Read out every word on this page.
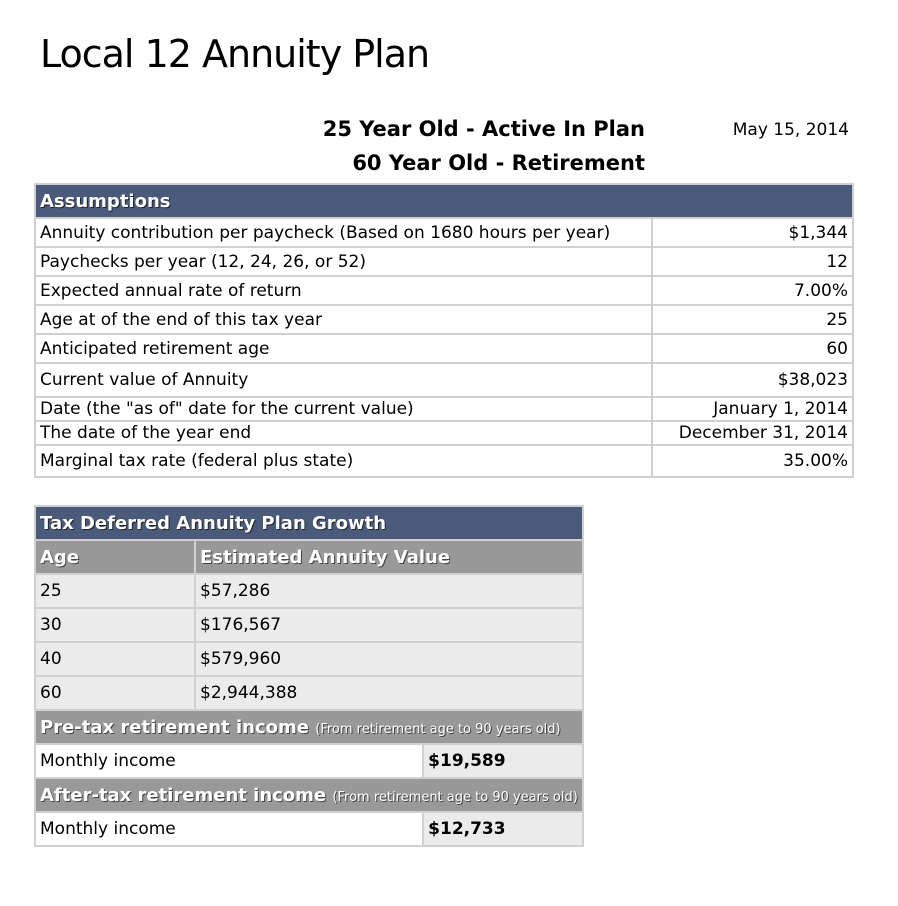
Local 12 Annuity Plan
25 Year Old - Active In Plan
60 Year Old - Retirement
May 15, 2014
Assumptions	
Annuity contribution per paycheck (Based on 1680 hours per year)	$1,344
Paychecks per year (12, 24, 26, or 52)	12
Expected annual rate of return	7.00%
Age at of the end of this tax year	25
Anticipated retirement age	60
Current value of Annuity	$38,023
Date (the "as of" date for the current value)	January 1, 2014
The date of the year end	December 31, 2014
Marginal tax rate (federal plus state)	35.00%
Tax Deferred Annuity Plan Growth		
Age	Estimated Annuity Value	
25	$57,286	
30	$176,567	
40	$579,960	
60	$2,944,388	
Pre-tax retirement income (From retirement age to 90 years old)		
Monthly income		$19,589
After-tax retirement income (From retirement age to 90 years old)		
Monthly income		$12,733
